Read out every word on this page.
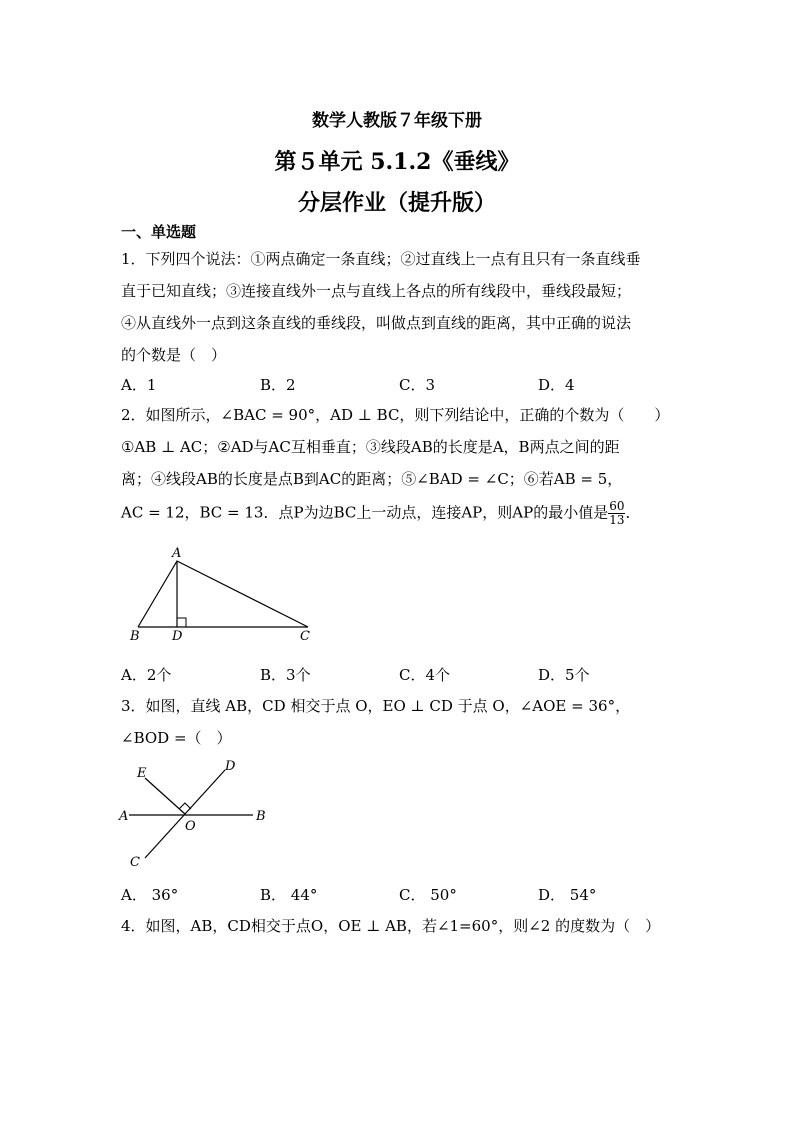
数学人教版７年级下册
第５单元 5.1.2《垂线》
分层作业（提升版）
一、单选题
1．下列四个说法：①两点确定一条直线；②过直线上一点有且只有一条直线垂
直于已知直线；③连接直线外一点与直线上各点的所有线段中，垂线段最短；
④从直线外一点到这条直线的垂线段，叫做点到直线的距离，其中正确的说法
的个数是（　）
A．1	B．2	C．3	D．4
2．如图所示，∠BAC = 90°，AD ⊥ BC，则下列结论中，正确的个数为（　　）
①AB ⊥ AC；②AD与AC互相垂直；③线段AB的长度是A，B两点之间的距
离；④线段AB的长度是点B到AC的距离；⑤∠BAD = ∠C；⑥若AB = 5，
AC = 12，BC = 13．点P为边BC上一动点，连接AP，则AP的最小值是 $\frac{60}{13}$ ．
A
B D	C
A．2个	B．3个	C．4个	D．5个
3．如图，直线 AB，CD 相交于点 O，EO ⊥ CD 于点 O，∠AOE = 36°，
∠BOD =（　）
E	D
A	B
O
C
A． 36°	B． 44°	C． 50°	D． 54°
4．如图，AB，CD相交于点O，OE ⊥ AB，若∠1=60°，则∠2 的度数为（　）
